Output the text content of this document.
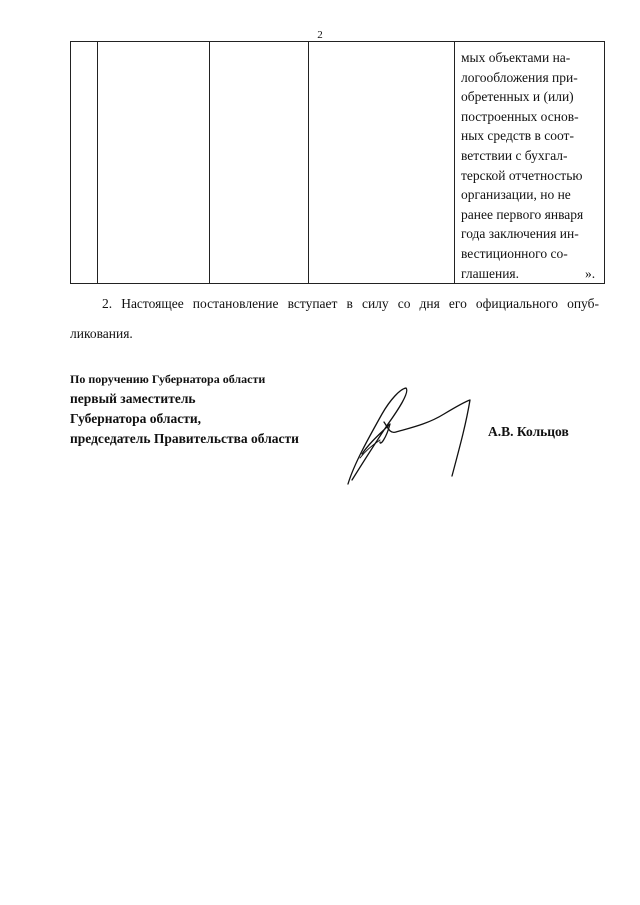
2

мых объектами на-
логообложения при-
обретенных и (или)
построенных основ-
ных средств в соот-
ветствии с бухгал-
терской отчетностью
организации, но не
ранее первого января
года заключения ин-
вестиционного со-
глашения.	».
2. Настоящее постановление вступает в силу со дня его официального опуб-
ликования.
По поручению Губернатора области
первый заместитель
Губернатора области,
председатель Правительства области	А.В. Кольцов
